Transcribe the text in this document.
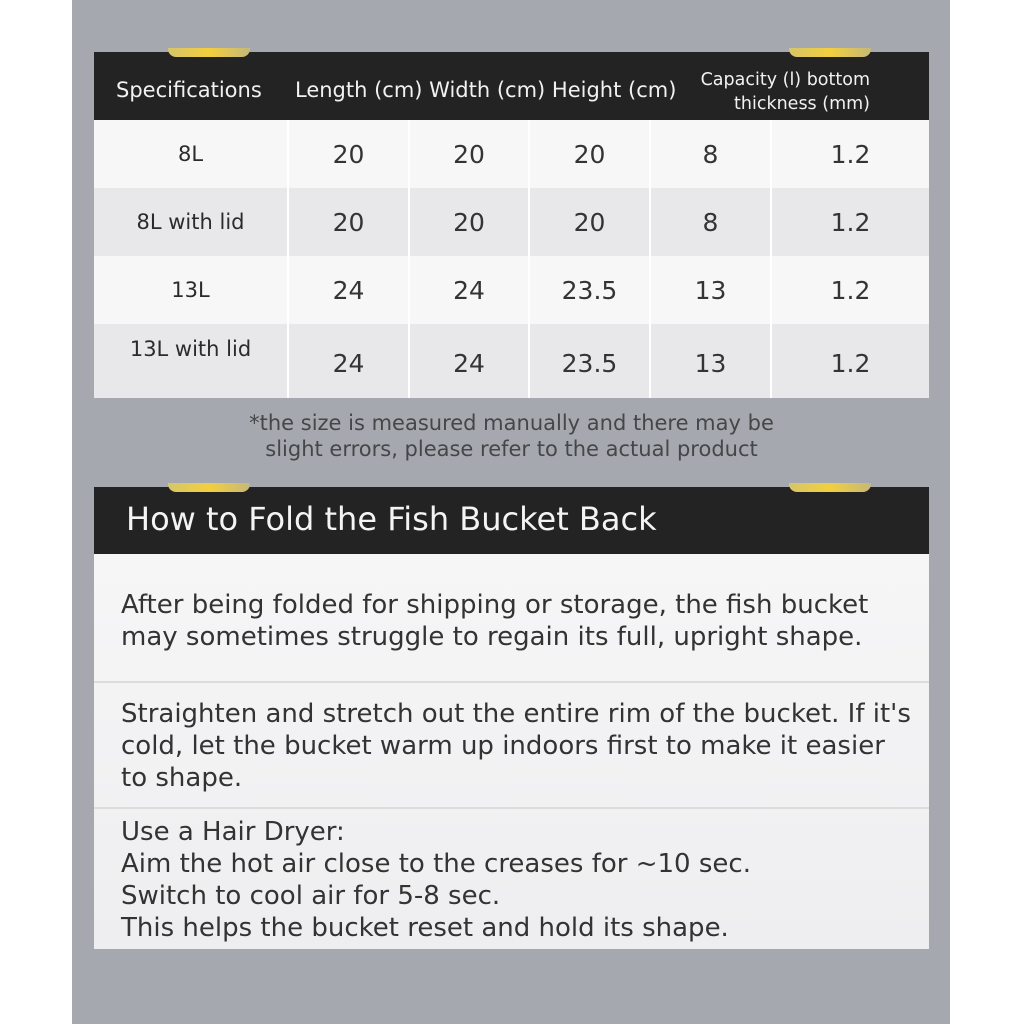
Specifications Length (cm) Width (cm) Height (cm) Capacity (l) bottom
thickness (mm)
8L	20	20	20	8	1.2
8L with lid	20	20	20	8	1.2
13L	24	24	23.5	13	1.2
13L with lid	24	24	23.5	13	1.2
*the size is measured manually and there may be
slight errors, please refer to the actual product
How to Fold the Fish Bucket Back
After being folded for shipping or storage, the fish bucket may sometimes struggle to regain its full, upright shape.
Straighten and stretch out the entire rim of the bucket. If it's cold, let the bucket warm up indoors first to make it easier to shape.
Use a Hair Dryer:
Aim the hot air close to the creases for ~10 sec.
Switch to cool air for 5-8 sec.
This helps the bucket reset and hold its shape.
